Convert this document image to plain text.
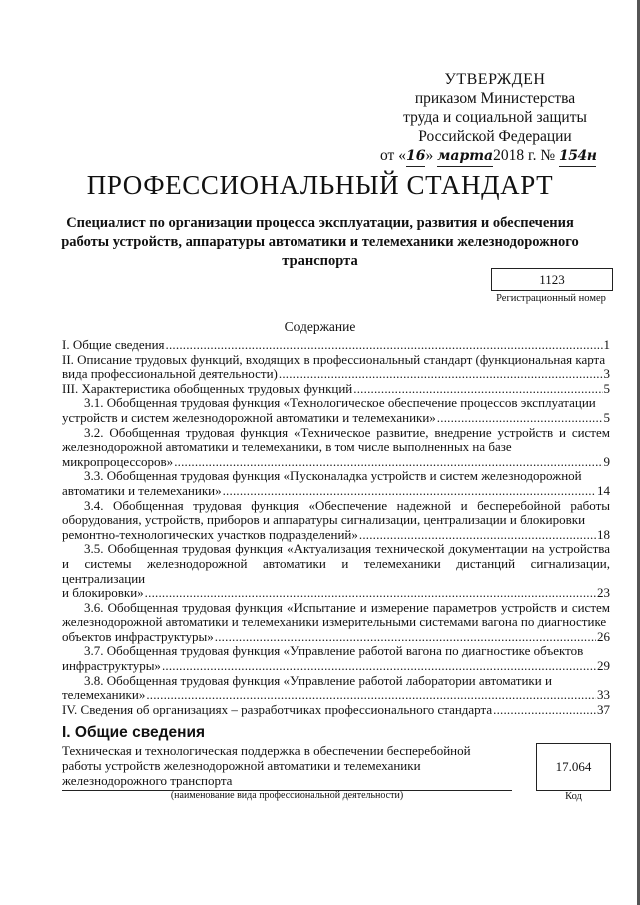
УТВЕРЖДЕН
приказом Министерства
труда и социальной защиты
Российской Федерации
от «16» марта2018 г. № 154н
ПРОФЕССИОНАЛЬНЫЙ СТАНДАРТ
Специалист по организации процесса эксплуатации, развития и обеспечения работы устройств, аппаратуры автоматики и телемеханики железнодорожного транспорта
1123
Регистрационный номер
Содержание
I. Общие сведения .....	1
II. Описание трудовых функций, входящих в профессиональный стандарт (функциональная карта
вида профессиональной деятельности) .....	3
III. Характеристика обобщенных трудовых функций .....	5
3.1. Обобщенная трудовая функция «Технологическое обеспечение процессов эксплуатации
устройств и систем железнодорожной автоматики и телемеханики» .....	5
3.2. Обобщенная трудовая функция «Техническое развитие, внедрение устройств и систем железнодорожной автоматики и телемеханики, в том числе выполненных на базе
микропроцессоров» .....	9
3.3. Обобщенная трудовая функция «Пусконаладка устройств и систем железнодорожной
автоматики и телемеханики» .....	14
3.4. Обобщенная трудовая функция «Обеспечение надежной и бесперебойной работы оборудования, устройств, приборов и аппаратуры сигнализации, централизации и блокировки
ремонтно-технологических участков подразделений» .....	18
3.5. Обобщенная трудовая функция «Актуализация технической документации на устройства и системы железнодорожной автоматики и телемеханики дистанций сигнализации, централизации
и блокировки» .....	23
3.6. Обобщенная трудовая функция «Испытание и измерение параметров устройств и систем железнодорожной автоматики и телемеханики измерительными системами вагона по диагностике
объектов инфраструктуры» .....	26
3.7. Обобщенная трудовая функция «Управление работой вагона по диагностике объектов
инфраструктуры» .....	29
3.8. Обобщенная трудовая функция «Управление работой лаборатории автоматики и
телемеханики» .....	33
IV. Сведения об организациях – разработчиках профессионального стандарта .....	37
I. Общие сведения
Техническая и технологическая поддержка в обеспечении бесперебойной работы устройств железнодорожной автоматики и телемеханики железнодорожного транспорта
(наименование вида профессиональной деятельности)
17.064
Код
